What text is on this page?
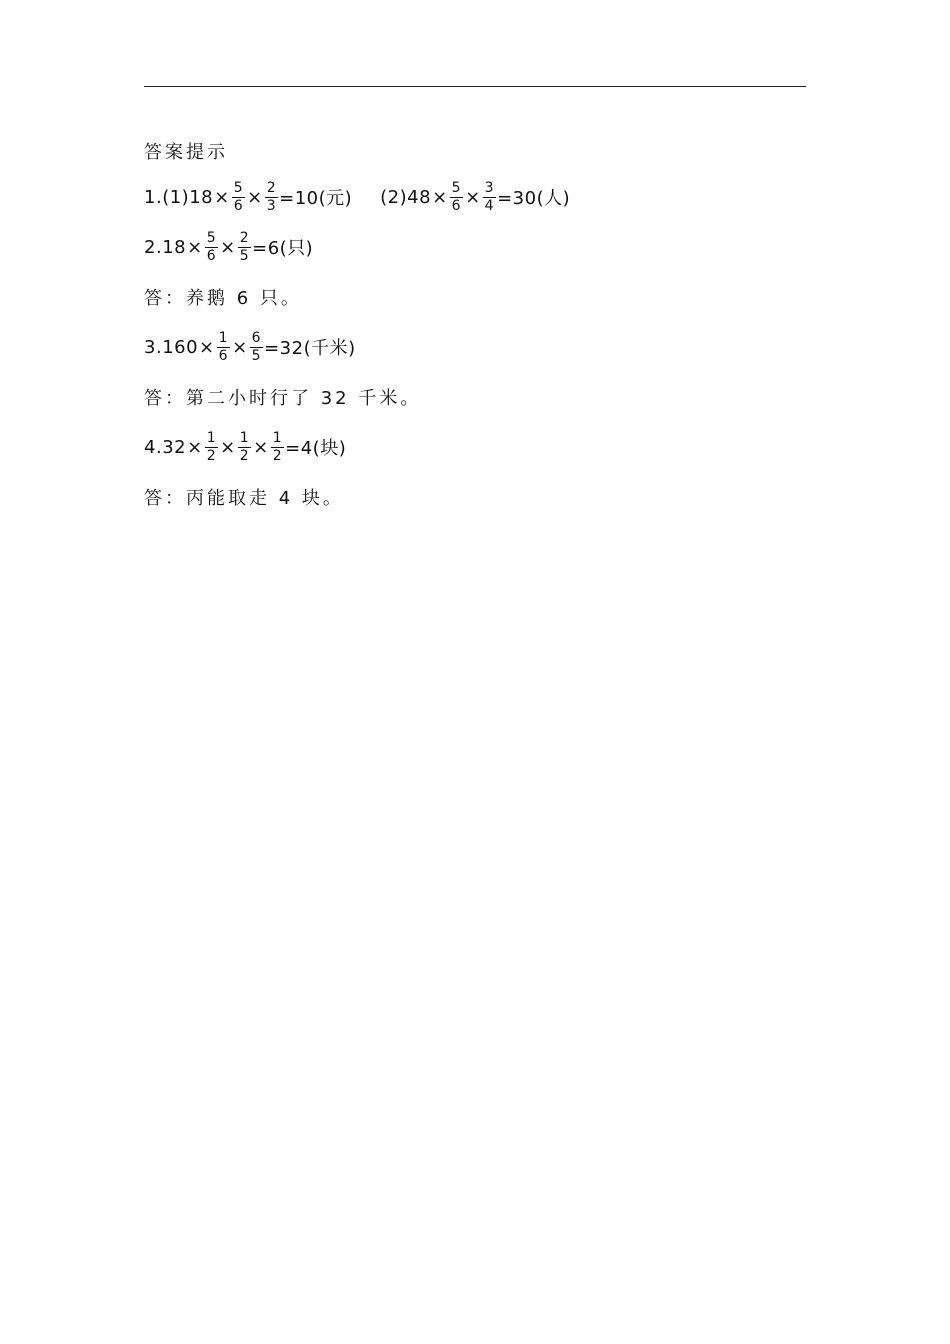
答案提示
1. (1) $18 \times \frac{5}{6} \times \frac{2}{3} =10$(元) (2) $48 \times \frac{5}{6} \times \frac{3}{4} =30$(人)
2. $18 \times \frac{5}{6} \times \frac{2}{5} =6$(只)
答：养鹅 6 只。
3. $160 \times \frac{1}{6} \times \frac{6}{5} =32$(千米)
答：第二小时行了 32 千米。
4. $32 \times \frac{1}{2} \times \frac{1}{2} \times \frac{1}{2} =4$(块)
答：丙能取走 4 块。
